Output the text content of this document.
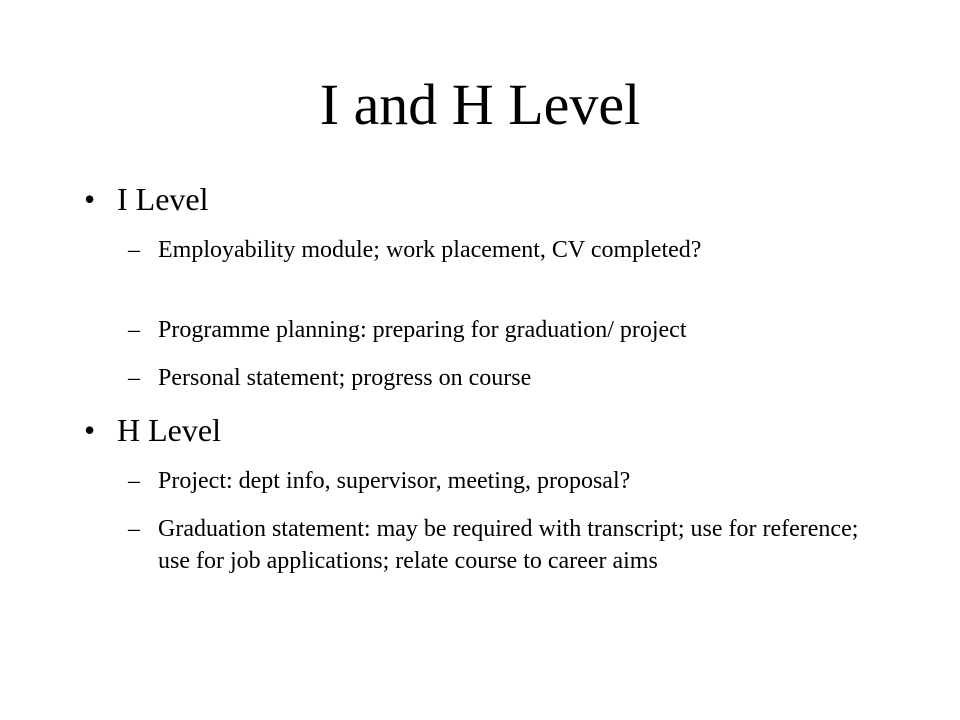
I and H Level
• I Level
– Employability module; work placement, CV completed?
– Programme planning: preparing for graduation/ project
– Personal statement; progress on course
• H Level
– Project: dept info, supervisor, meeting, proposal?
– Graduation statement: may be required with transcript; use for reference; use for job applications; relate course to career aims
